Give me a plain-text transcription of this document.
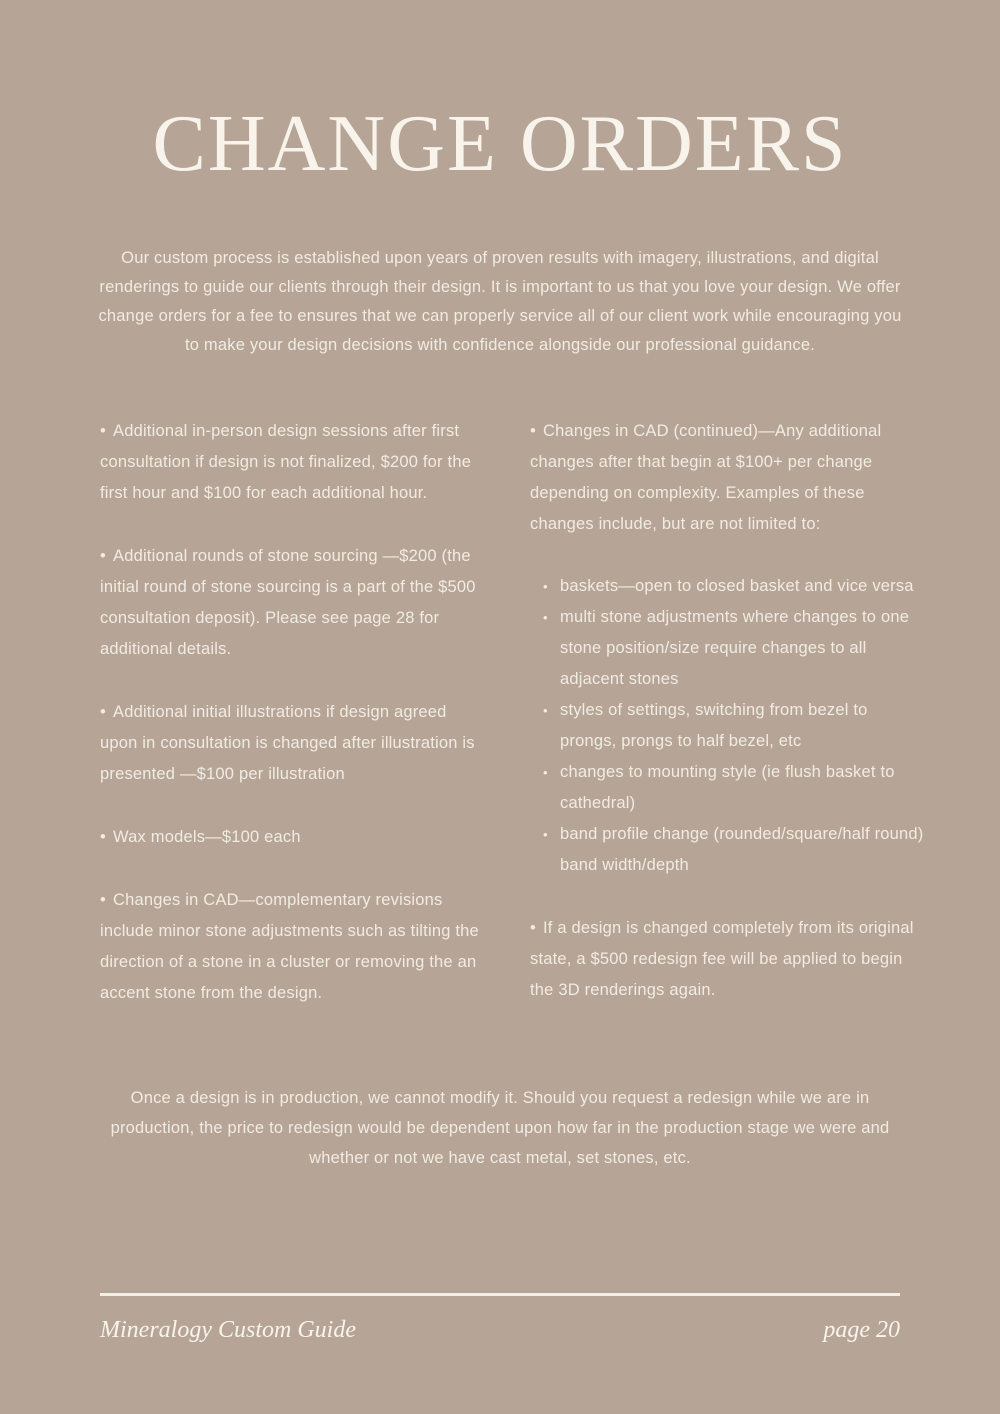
CHANGE ORDERS

Our custom process is established upon years of proven results with imagery, illustrations, and digital renderings to guide our clients through their design. It is important to us that you love your design. We offer change orders for a fee to ensures that we can properly service all of our client work while encouraging you to make your design decisions with confidence alongside our professional guidance.

• Additional in-person design sessions after first consultation if design is not finalized, $200 for the first hour and $100 for each additional hour.

• Additional rounds of stone sourcing —$200 (the initial round of stone sourcing is a part of the $500 consultation deposit). Please see page 28 for additional details.

• Additional initial illustrations if design agreed upon in consultation is changed after illustration is presented —$100 per illustration

• Wax models—$100 each

• Changes in CAD—complementary revisions include minor stone adjustments such as tilting the direction of a stone in a cluster or removing the an accent stone from the design.

• Changes in CAD (continued)—Any additional changes after that begin at $100+ per change depending on complexity. Examples of these changes include, but are not limited to:

• baskets—open to closed basket and vice versa
• multi stone adjustments where changes to one stone position/size require changes to all adjacent stones
• styles of settings, switching from bezel to prongs, prongs to half bezel, etc
• changes to mounting style (ie flush basket to cathedral)
• band profile change (rounded/square/half round) band width/depth

• If a design is changed completely from its original state, a $500 redesign fee will be applied to begin the 3D renderings again.

Once a design is in production, we cannot modify it. Should you request a redesign while we are in production, the price to redesign would be dependent upon how far in the production stage we were and whether or not we have cast metal, set stones, etc.

Mineralogy Custom Guide	page 20
